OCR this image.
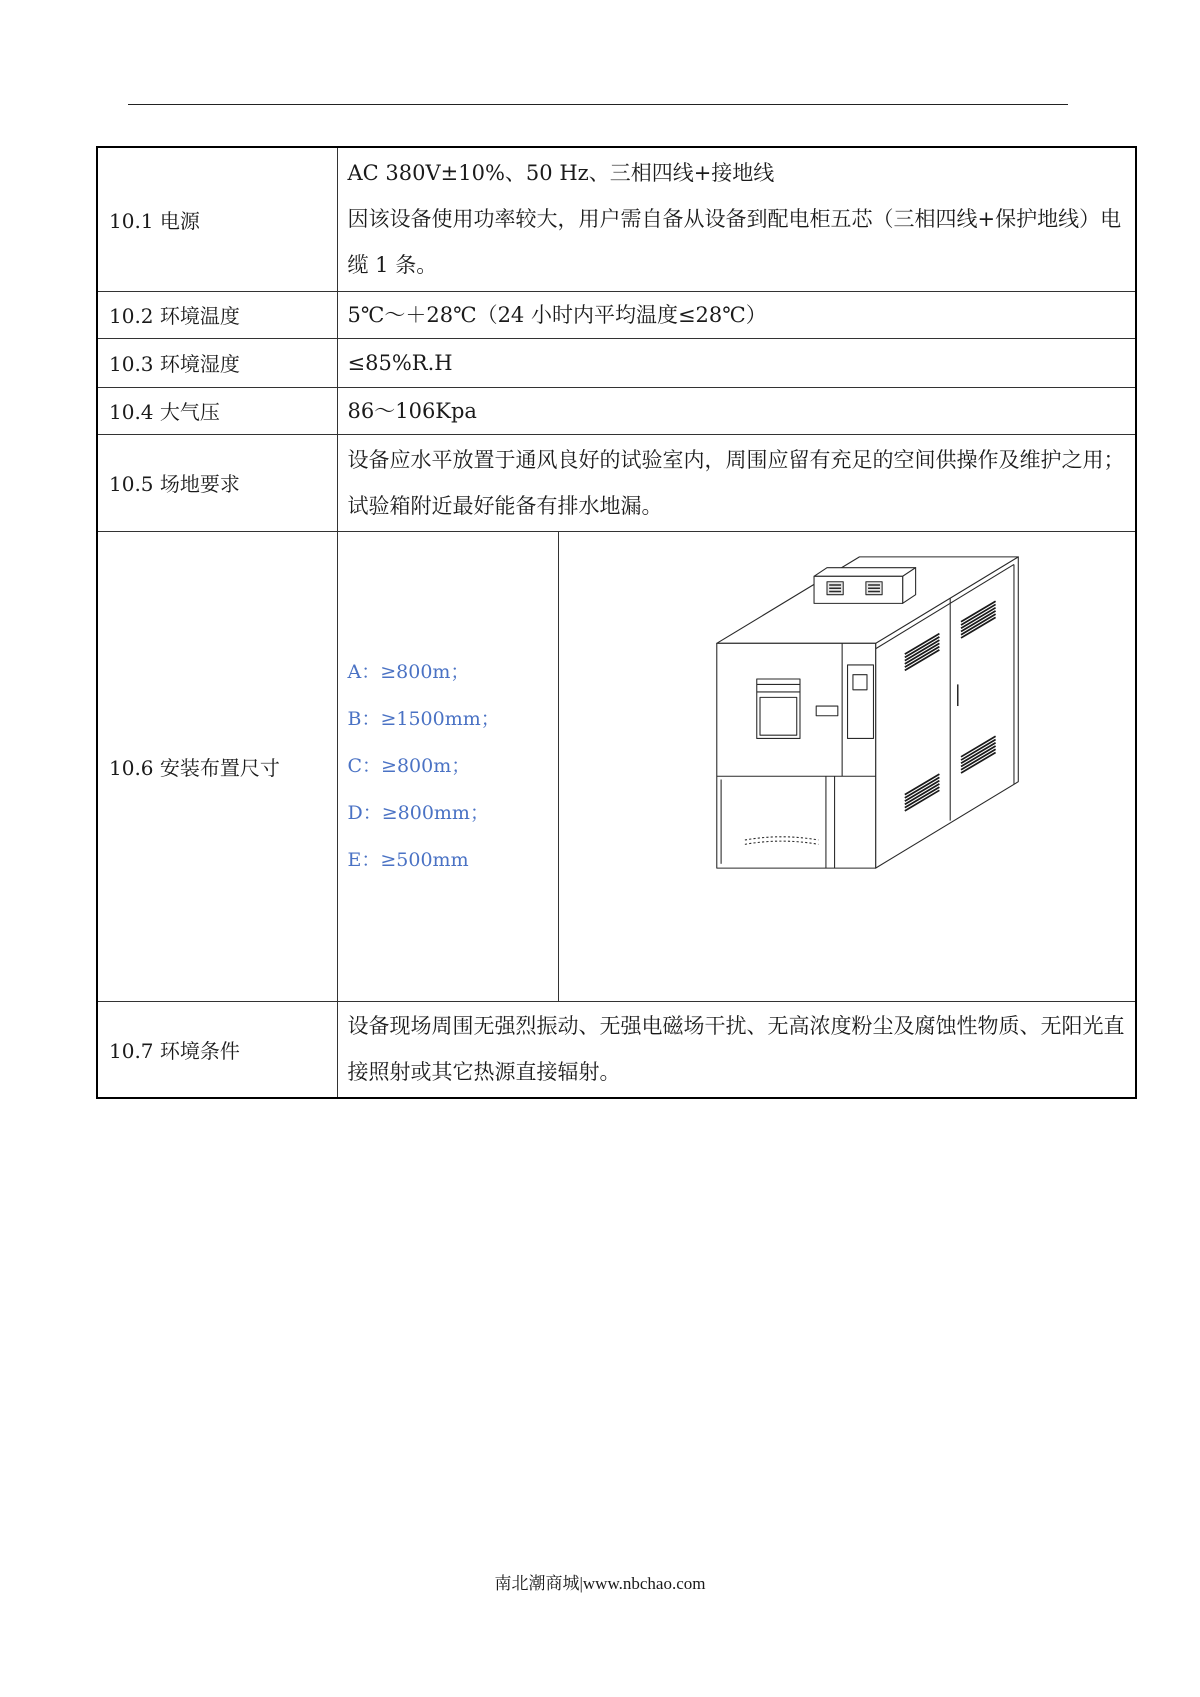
10.1 电源	AC 380V±10%、50 Hz、三相四线+接地线
因该设备使用功率较大，用户需自备从设备到配电柜五芯（三相四线+保护地线）电缆 1 条。	

10.2 环境温度	5℃～＋28℃（24 小时内平均温度≤28℃）	

10.3 环境湿度	≤85%R.H	

10.4 大气压	86～106Kpa	

10.5 场地要求	设备应水平放置于通风良好的试验室内，周围应留有充足的空间供操作及维护之用；试验箱附近最好能备有排水地漏。	

10.6 安装布置尺寸	A：≥800m；
B：≥1500mm；
C：≥800m；
D：≥800mm；
E：≥500mm

10.7 环境条件	设备现场周围无强烈振动、无强电磁场干扰、无高浓度粉尘及腐蚀性物质、无阳光直接照射或其它热源直接辐射。	
南北潮商城|www.nbchao.com
